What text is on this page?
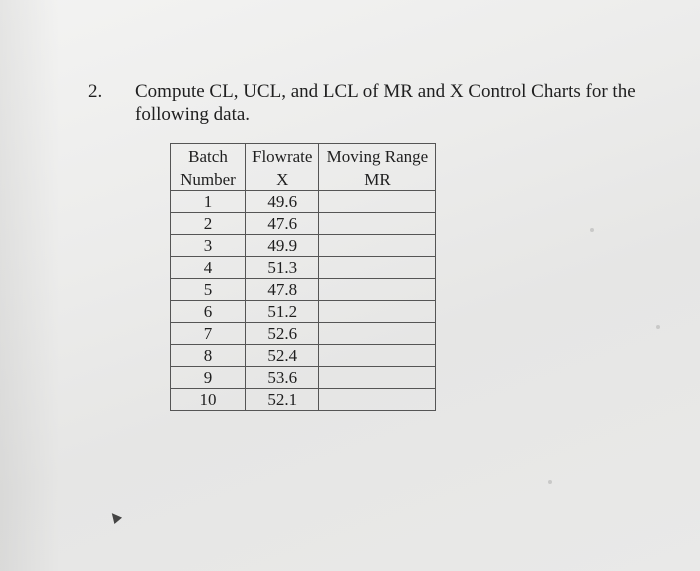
2. Compute CL, UCL, and LCL of MR and X Control Charts for the following data.
Batch	Flowrate	Moving Range
Number	X	MR
1	49.6	
2	47.6	
3	49.9	
4	51.3	
5	47.8	
6	51.2	
7	52.6	
8	52.4	
9	53.6	
10	52.1	
